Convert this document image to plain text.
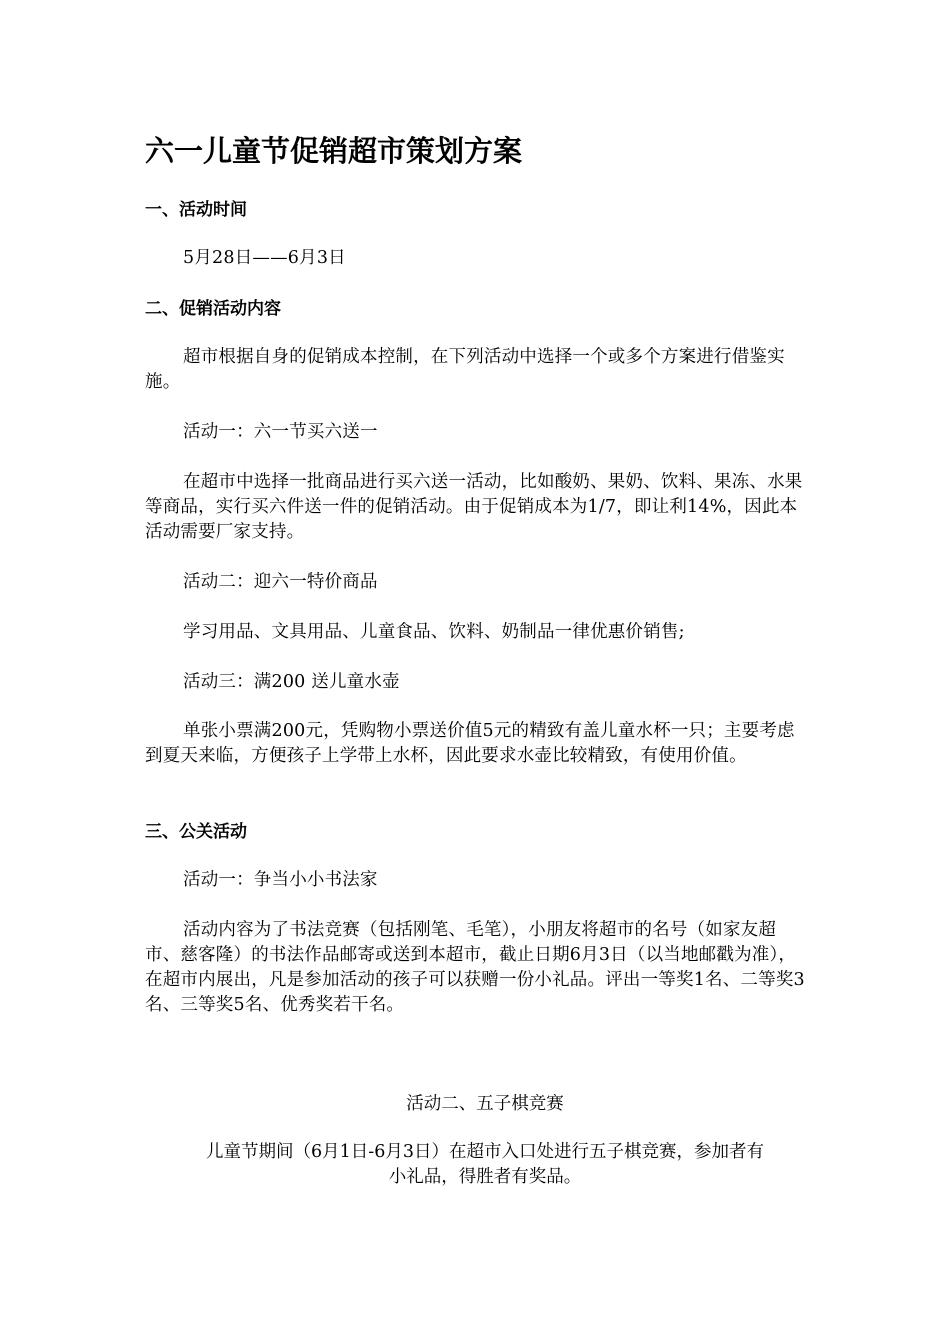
六一儿童节促销超市策划方案
一、活动时间

5月28日——6月3日

二、促销活动内容

超市根据自身的促销成本控制，在下列活动中选择一个或多个方案进行借鉴实施。

活动一：六一节买六送一

在超市中选择一批商品进行买六送一活动，比如酸奶、果奶、饮料、果冻、水果等商品，实行买六件送一件的促销活动。由于促销成本为1/7，即让利14%，因此本活动需要厂家支持。

活动二：迎六一特价商品

学习用品、文具用品、儿童食品、饮料、奶制品一律优惠价销售;

活动三：满200 送儿童水壶

单张小票满200元，凭购物小票送价值5元的精致有盖儿童水杯一只；主要考虑到夏天来临，方便孩子上学带上水杯，因此要求水壶比较精致，有使用价值。

三、公关活动

活动一：争当小小书法家

活动内容为了书法竞赛（包括刚笔、毛笔），小朋友将超市的名号（如家友超市、慈客隆）的书法作品邮寄或送到本超市，截止日期6月3日（以当地邮戳为准），在超市内展出，凡是参加活动的孩子可以获赠一份小礼品。评出一等奖1名、二等奖3名、三等奖5名、优秀奖若干名。

活动二、五子棋竞赛

儿童节期间（6月1日-6月3日）在超市入口处进行五子棋竞赛，参加者有

小礼品，得胜者有奖品。
